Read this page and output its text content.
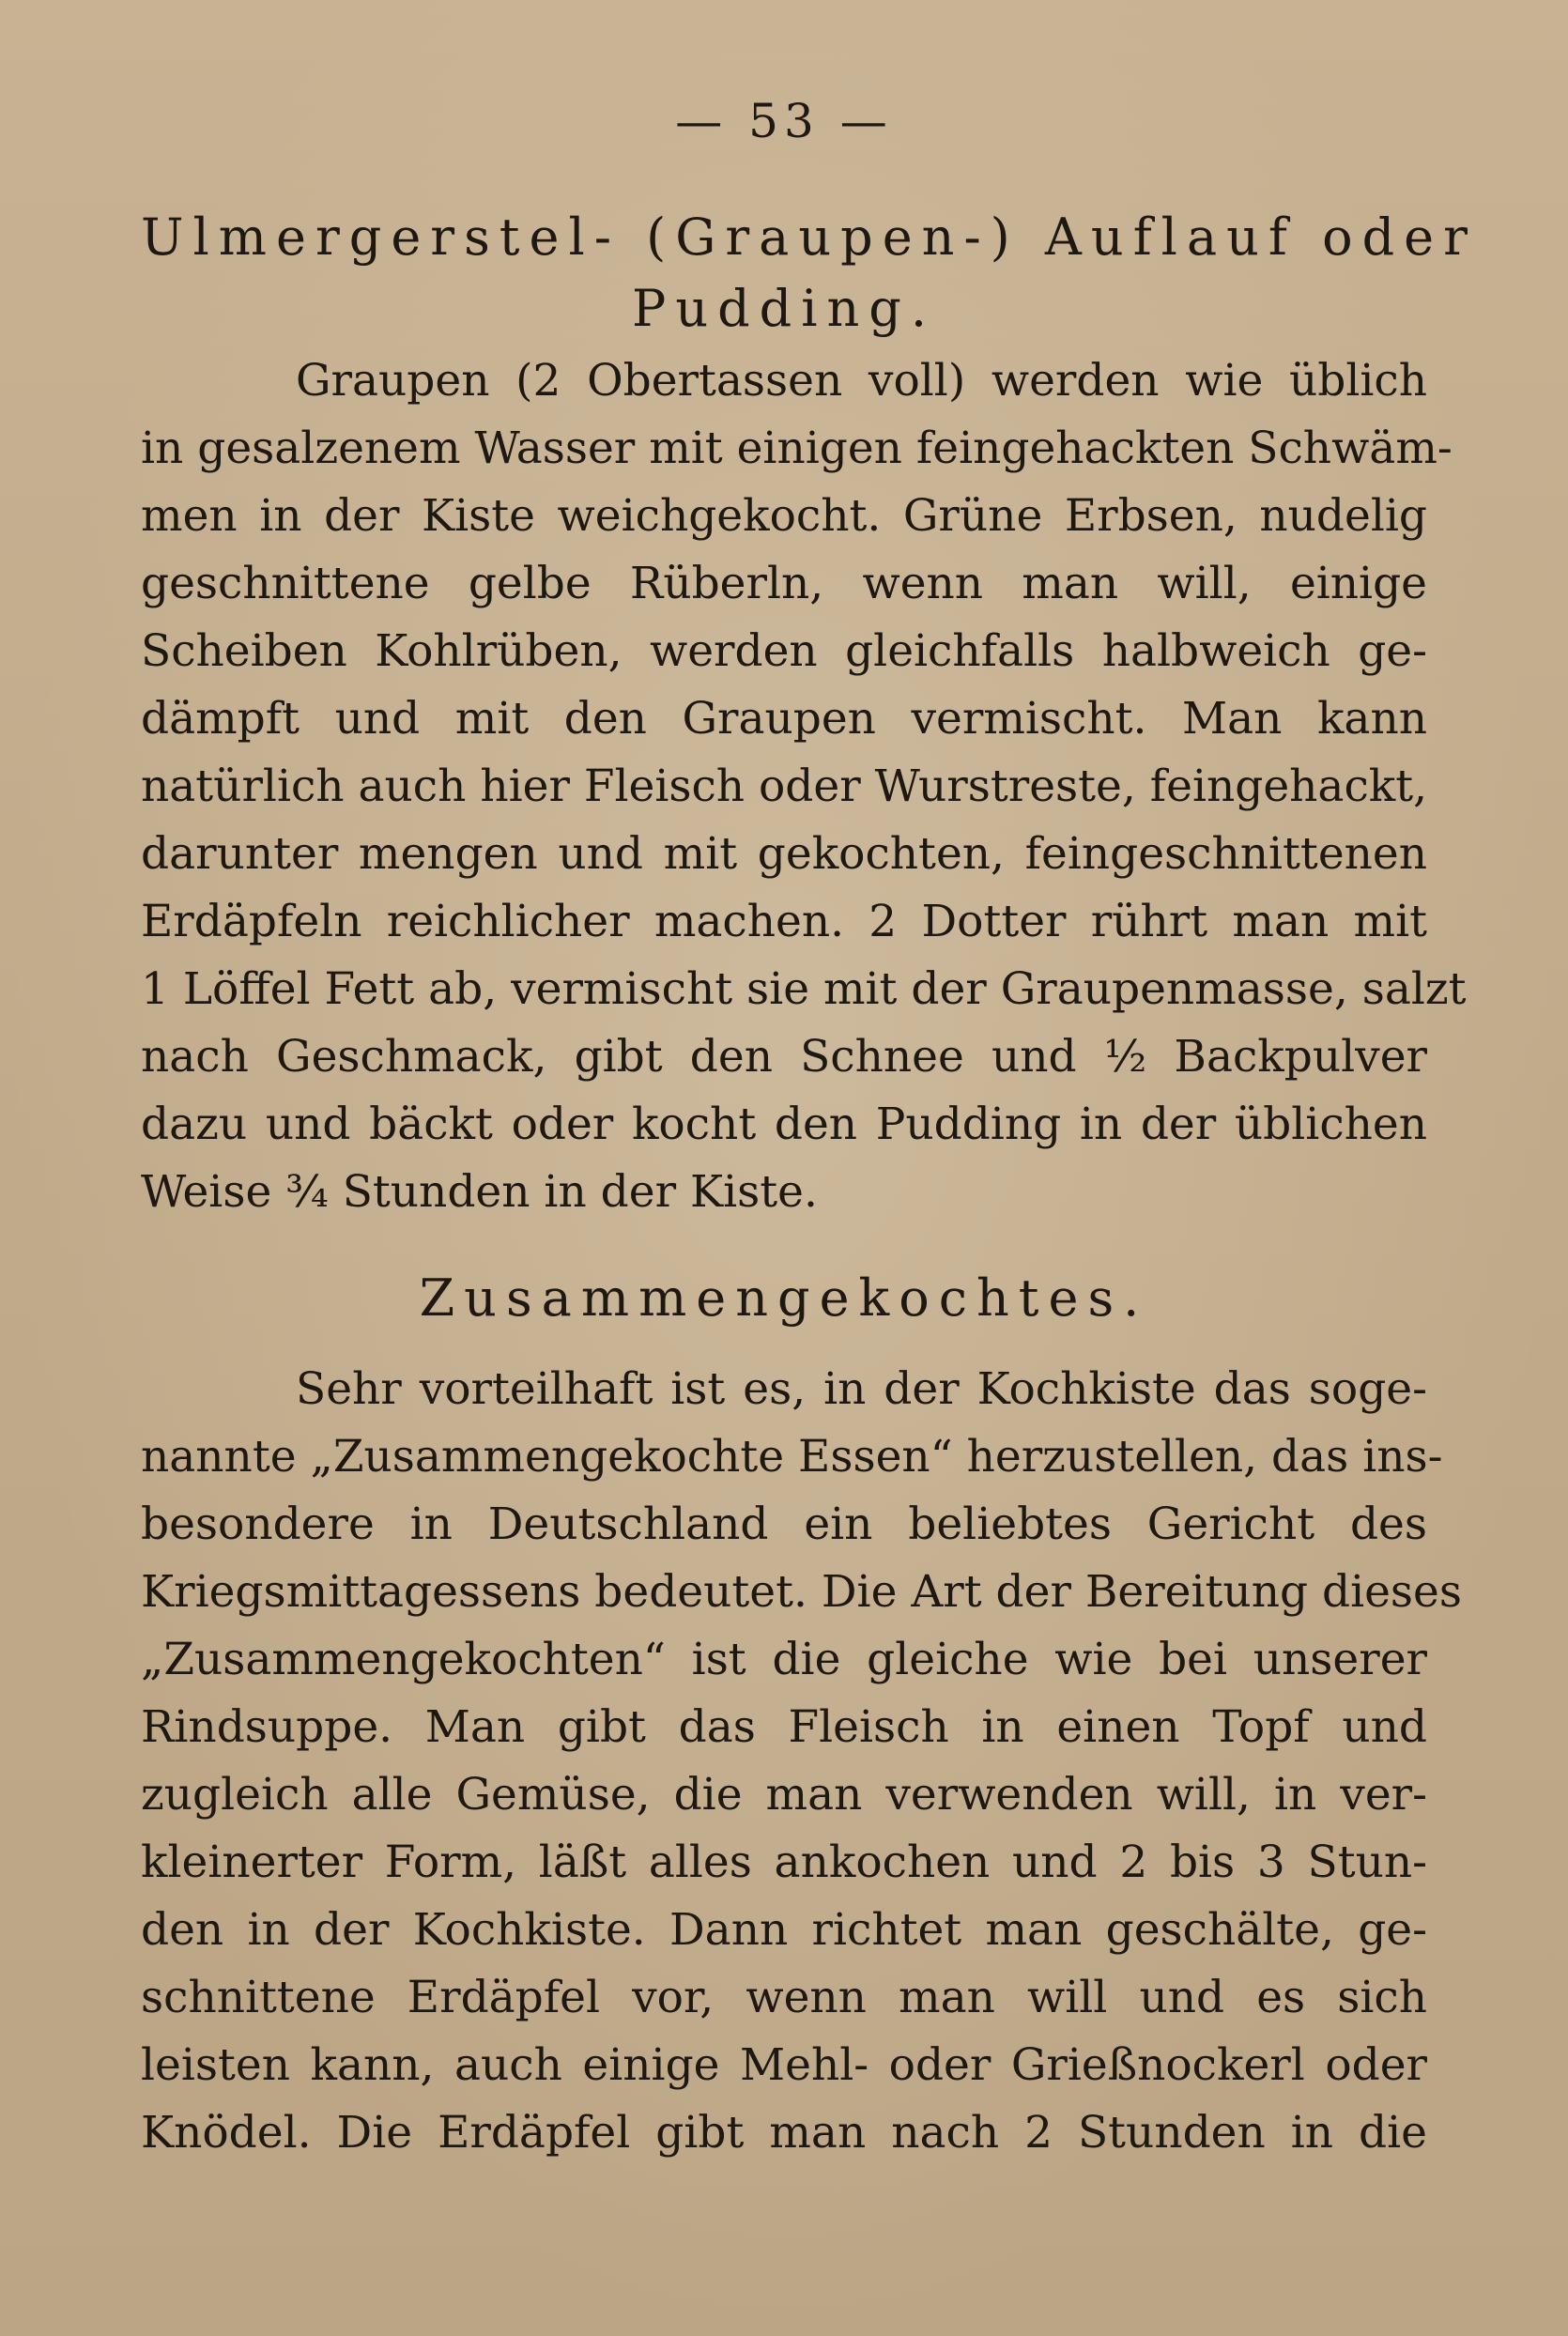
— 53 —
Ulmergerstel- (Graupen-) Auflauf oder
Pudding.
Graupen (2 Obertassen voll) werden wie üblich
in gesalzenem Wasser mit einigen feingehackten Schwäm-
men in der Kiste weichgekocht. Grüne Erbsen, nudelig
geschnittene gelbe Rüberln, wenn man will, einige
Scheiben Kohlrüben, werden gleichfalls halbweich ge-
dämpft und mit den Graupen vermischt. Man kann
natürlich auch hier Fleisch oder Wurstreste, feingehackt,
darunter mengen und mit gekochten, feingeschnittenen
Erdäpfeln reichlicher machen. 2 Dotter rührt man mit
1 Löffel Fett ab, vermischt sie mit der Graupenmasse, salzt
nach Geschmack, gibt den Schnee und ½ Backpulver
dazu und bäckt oder kocht den Pudding in der üblichen
Weise ¾ Stunden in der Kiste.
Zusammengekochtes.
Sehr vorteilhaft ist es, in der Kochkiste das soge-
nannte „Zusammengekochte Essen“ herzustellen, das ins-
besondere in Deutschland ein beliebtes Gericht des
Kriegsmittagessens bedeutet. Die Art der Bereitung dieses
„Zusammengekochten“ ist die gleiche wie bei unserer
Rindsuppe. Man gibt das Fleisch in einen Topf und
zugleich alle Gemüse, die man verwenden will, in ver-
kleinerter Form, läßt alles ankochen und 2 bis 3 Stun-
den in der Kochkiste. Dann richtet man geschälte, ge-
schnittene Erdäpfel vor, wenn man will und es sich
leisten kann, auch einige Mehl- oder Grießnockerl oder
Knödel. Die Erdäpfel gibt man nach 2 Stunden in die
